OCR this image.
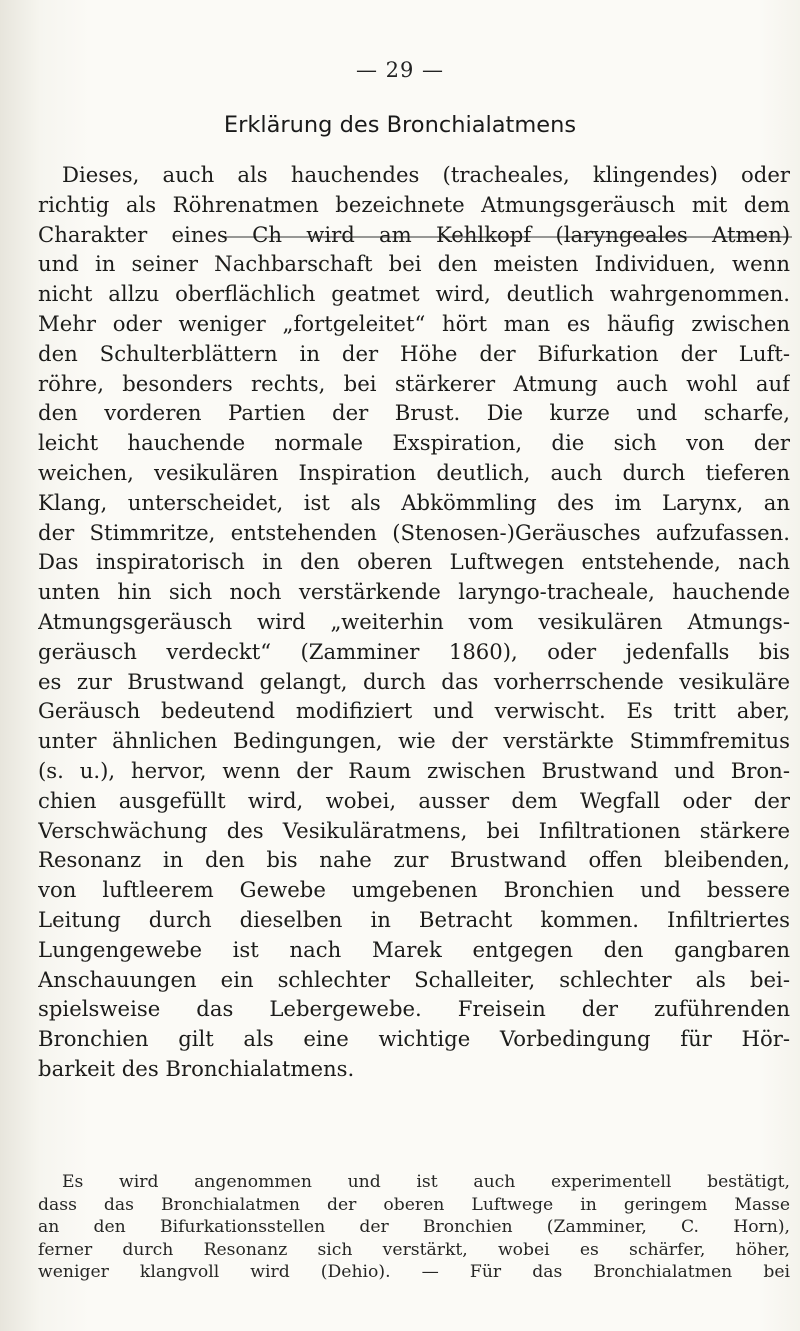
— 29 —
Erklärung des Bronchialatmens
Dieses, auch als hauchendes (tracheales, klingendes) oder
richtig als Röhrenatmen bezeichnete Atmungsgeräusch mit dem
Charakter eines Ch wird am Kehlkopf (laryngeales Atmen)
und in seiner Nachbarschaft bei den meisten Individuen, wenn
nicht allzu oberflächlich geatmet wird, deutlich wahrgenommen.
Mehr oder weniger „fortgeleitet“ hört man es häufig zwischen
den Schulterblättern in der Höhe der Bifurkation der Luft-
röhre, besonders rechts, bei stärkerer Atmung auch wohl auf
den vorderen Partien der Brust. Die kurze und scharfe,
leicht hauchende normale Exspiration, die sich von der
weichen, vesikulären Inspiration deutlich, auch durch tieferen
Klang, unterscheidet, ist als Abkömmling des im Larynx, an
der Stimmritze, entstehenden (Stenosen-)Geräusches aufzufassen.
Das inspiratorisch in den oberen Luftwegen entstehende, nach
unten hin sich noch verstärkende laryngo-tracheale, hauchende
Atmungsgeräusch wird „weiterhin vom vesikulären Atmungs-
geräusch verdeckt“ (Zamminer 1860), oder jedenfalls bis
es zur Brustwand gelangt, durch das vorherrschende vesikuläre
Geräusch bedeutend modifiziert und verwischt. Es tritt aber,
unter ähnlichen Bedingungen, wie der verstärkte Stimmfremitus
(s. u.), hervor, wenn der Raum zwischen Brustwand und Bron-
chien ausgefüllt wird, wobei, ausser dem Wegfall oder der
Verschwächung des Vesikuläratmens, bei Infiltrationen stärkere
Resonanz in den bis nahe zur Brustwand offen bleibenden,
von luftleerem Gewebe umgebenen Bronchien und bessere
Leitung durch dieselben in Betracht kommen. Infiltriertes
Lungengewebe ist nach Marek entgegen den gangbaren
Anschauungen ein schlechter Schalleiter, schlechter als bei-
spielsweise das Lebergewebe. Freisein der zuführenden
Bronchien gilt als eine wichtige Vorbedingung für Hör-
barkeit des Bronchialatmens.
Es wird angenommen und ist auch experimentell bestätigt,
dass das Bronchialatmen der oberen Luftwege in geringem Masse
an den Bifurkationsstellen der Bronchien (Zamminer, C. Horn),
ferner durch Resonanz sich verstärkt, wobei es schärfer, höher,
weniger klangvoll wird (Dehio). — Für das Bronchialatmen bei
